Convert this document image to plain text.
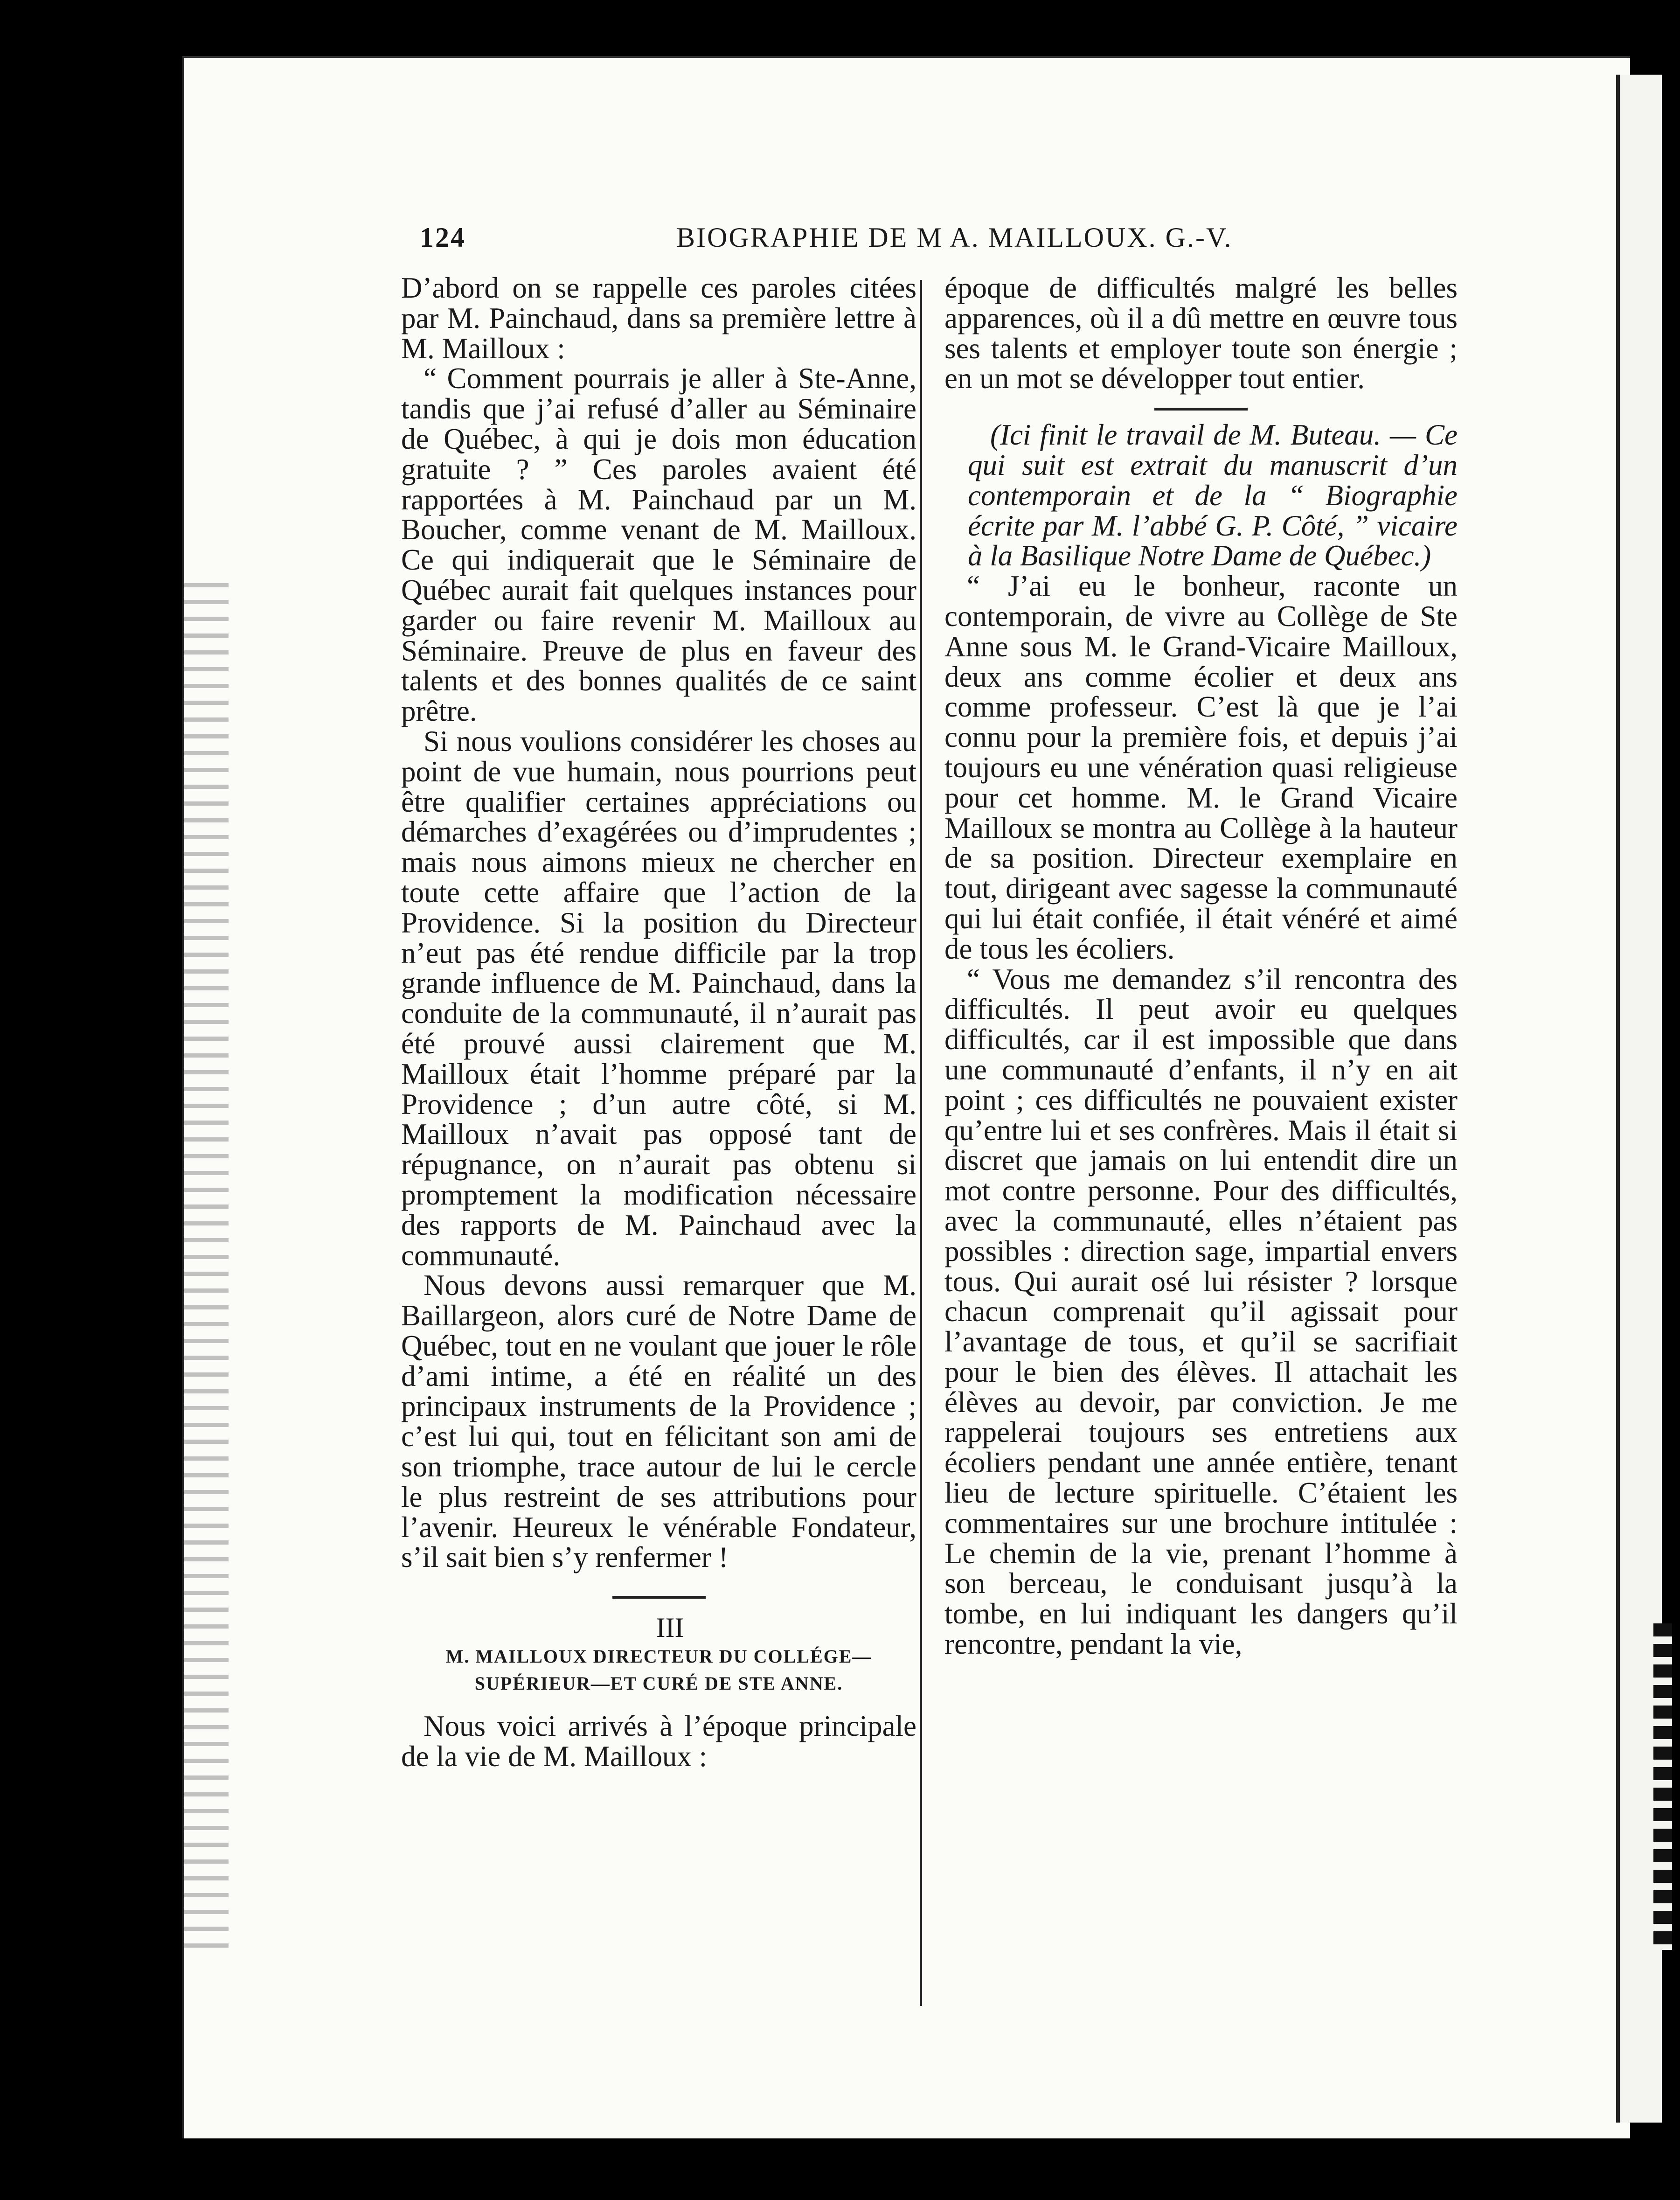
124	BIOGRAPHIE DE M A. MAILLOUX. G.-V.

D’abord on se rappelle ces paroles citées par M. Painchaud, dans sa première lettre à M. Mailloux :

“ Comment pourrais je aller à Ste-Anne, tandis que j’ai refusé d’aller au Séminaire de Québec, à qui je dois mon éducation gratuite ? ” Ces paroles avaient été rapportées à M. Painchaud par un M. Boucher, comme venant de M. Mailloux. Ce qui indiquerait que le Séminaire de Québec aurait fait quelques instances pour garder ou faire revenir M. Mailloux au Séminaire. Preuve de plus en faveur des talents et des bonnes qualités de ce saint prêtre.

Si nous voulions considérer les choses au point de vue humain, nous pourrions peut être qualifier certaines appréciations ou démarches d’exagérées ou d’imprudentes ; mais nous aimons mieux ne chercher en toute cette affaire que l’action de la Providence. Si la position du Directeur n’eut pas été rendue difficile par la trop grande influence de M. Painchaud, dans la conduite de la communauté, il n’aurait pas été prouvé aussi clairement que M. Mailloux était l’homme préparé par la Providence ; d’un autre côté, si M. Mailloux n’avait pas opposé tant de répugnance, on n’aurait pas obtenu si promptement la modification nécessaire des rapports de M. Painchaud avec la communauté.

Nous devons aussi remarquer que M. Baillargeon, alors curé de Notre Dame de Québec, tout en ne voulant que jouer le rôle d’ami intime, a été en réalité un des principaux instruments de la Providence ; c’est lui qui, tout en félicitant son ami de son triomphe, trace autour de lui le cercle le plus restreint de ses attributions pour l’avenir. Heureux le vénérable Fondateur, s’il sait bien s’y renfermer !

III

M. MAILLOUX DIRECTEUR DU COLLÉGE—
SUPÉRIEUR—ET CURÉ DE STE ANNE.

Nous voici arrivés à l’époque principale de la vie de M. Mailloux :

époque de difficultés malgré les belles apparences, où il a dû mettre en œuvre tous ses talents et employer toute son énergie ; en un mot se développer tout entier.

(Ici finit le travail de M. Buteau. — Ce qui suit est extrait du manuscrit d’un contemporain et de la “ Biographie écrite par M. l’abbé G. P. Côté, ” vicaire à la Basilique Notre Dame de Québec.)

“ J’ai eu le bonheur, raconte un contemporain, de vivre au Collège de Ste Anne sous M. le Grand-Vicaire Mailloux, deux ans comme écolier et deux ans comme professeur. C’est là que je l’ai connu pour la première fois, et depuis j’ai toujours eu une vénération quasi religieuse pour cet homme. M. le Grand Vicaire Mailloux se montra au Collège à la hauteur de sa position. Directeur exemplaire en tout, dirigeant avec sagesse la communauté qui lui était confiée, il était vénéré et aimé de tous les écoliers.

“ Vous me demandez s’il rencontra des difficultés. Il peut avoir eu quelques difficultés, car il est impossible que dans une communauté d’enfants, il n’y en ait point ; ces difficultés ne pouvaient exister qu’entre lui et ses confrères. Mais il était si discret que jamais on lui entendit dire un mot contre personne. Pour des difficultés, avec la communauté, elles n’étaient pas possibles : direction sage, impartial envers tous. Qui aurait osé lui résister ? lorsque chacun comprenait qu’il agissait pour l’avantage de tous, et qu’il se sacrifiait pour le bien des élèves. Il attachait les élèves au devoir, par conviction. Je me rappelerai toujours ses entretiens aux écoliers pendant une année entière, tenant lieu de lecture spirituelle. C’étaient les commentaires sur une brochure intitulée : Le chemin de la vie, prenant l’homme à son berceau, le conduisant jusqu’à la tombe, en lui indiquant les dangers qu’il rencontre, pendant la vie,
